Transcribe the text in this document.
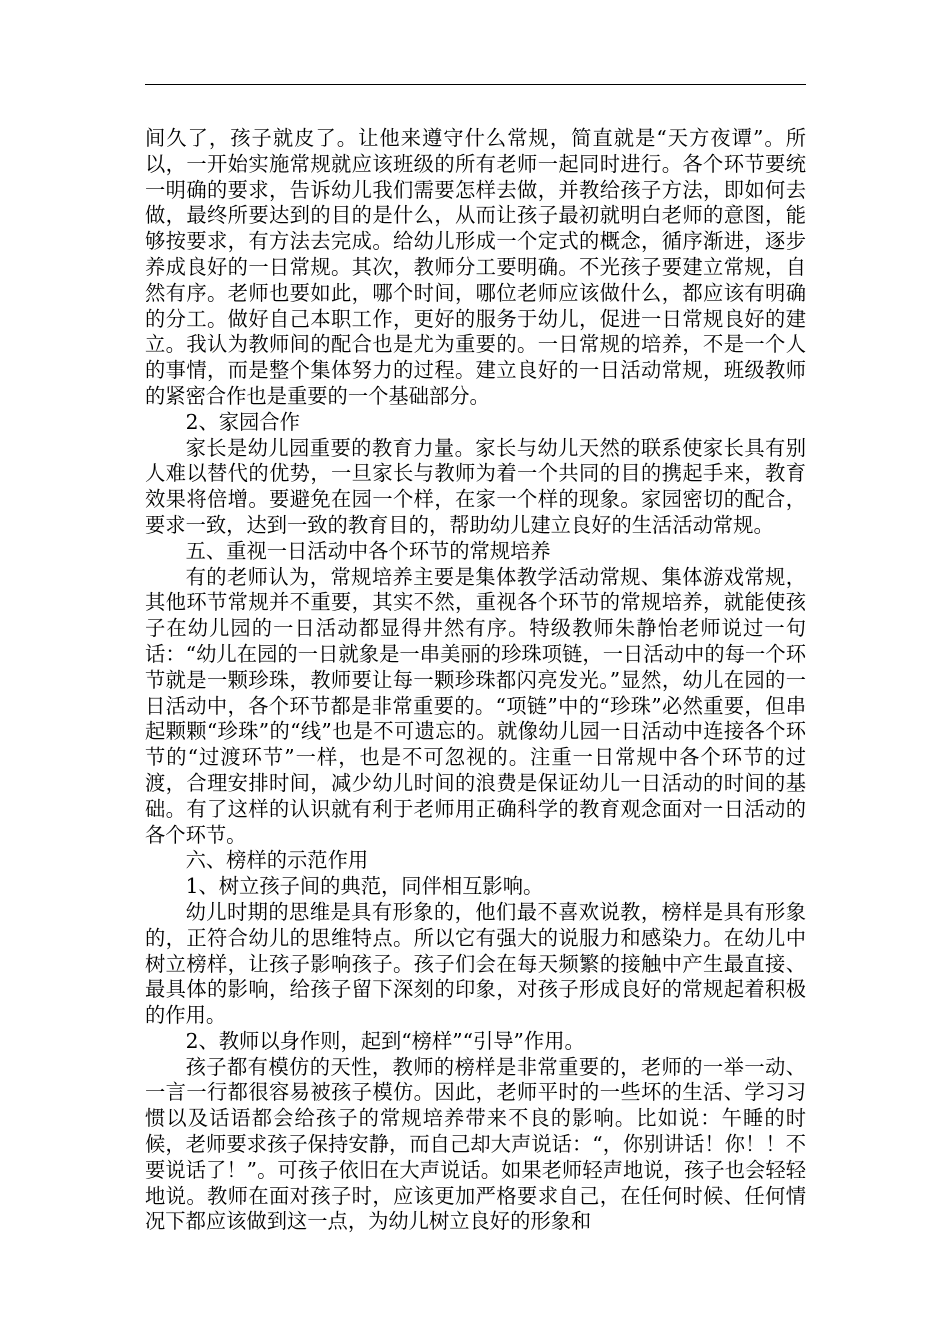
间久了，孩子就皮了。让他来遵守什么常规，简直就是“天方夜谭”。所以，一开始实施常规就应该班级的所有老师一起同时进行。各个环节要统一明确的要求，告诉幼儿我们需要怎样去做，并教给孩子方法，即如何去做，最终所要达到的目的是什么，从而让孩子最初就明白老师的意图，能够按要求，有方法去完成。给幼儿形成一个定式的概念，循序渐进，逐步养成良好的一日常规。其次，教师分工要明确。不光孩子要建立常规，自然有序。老师也要如此，哪个时间，哪位老师应该做什么，都应该有明确的分工。做好自己本职工作，更好的服务于幼儿，促进一日常规良好的建立。我认为教师间的配合也是尤为重要的。一日常规的培养，不是一个人的事情，而是整个集体努力的过程。建立良好的一日活动常规，班级教师的紧密合作也是重要的一个基础部分。

2、家园合作

家长是幼儿园重要的教育力量。家长与幼儿天然的联系使家长具有别人难以替代的优势，一旦家长与教师为着一个共同的目的携起手来，教育效果将倍增。要避免在园一个样，在家一个样的现象。家园密切的配合，要求一致，达到一致的教育目的，帮助幼儿建立良好的生活活动常规。

五、重视一日活动中各个环节的常规培养

有的老师认为，常规培养主要是集体教学活动常规、集体游戏常规，其他环节常规并不重要，其实不然，重视各个环节的常规培养，就能使孩子在幼儿园的一日活动都显得井然有序。特级教师朱静怡老师说过一句话：“幼儿在园的一日就象是一串美丽的珍珠项链，一日活动中的每一个环节就是一颗珍珠，教师要让每一颗珍珠都闪亮发光。”显然，幼儿在园的一日活动中，各个环节都是非常重要的。“项链”中的“珍珠”必然重要，但串起颗颗“珍珠”的“线”也是不可遗忘的。就像幼儿园一日活动中连接各个环节的“过渡环节”一样，也是不可忽视的。注重一日常规中各个环节的过渡，合理安排时间，减少幼儿时间的浪费是保证幼儿一日活动的时间的基础。有了这样的认识就有利于老师用正确科学的教育观念面对一日活动的各个环节。

六、榜样的示范作用

1、树立孩子间的典范，同伴相互影响。

幼儿时期的思维是具有形象的，他们最不喜欢说教，榜样是具有形象的，正符合幼儿的思维特点。所以它有强大的说服力和感染力。在幼儿中树立榜样，让孩子影响孩子。孩子们会在每天频繁的接触中产生最直接、最具体的影响，给孩子留下深刻的印象，对孩子形成良好的常规起着积极的作用。

2、教师以身作则，起到“榜样”“引导”作用。

孩子都有模仿的天性，教师的榜样是非常重要的，老师的一举一动、一言一行都很容易被孩子模仿。因此，老师平时的一些坏的生活、学习习惯以及话语都会给孩子的常规培养带来不良的影响。比如说：午睡的时候，老师要求孩子保持安静，而自己却大声说话：“，你别讲话！你！！不要说话了！”。可孩子依旧在大声说话。如果老师轻声地说，孩子也会轻轻地说。教师在面对孩子时，应该更加严格要求自己，在任何时候、任何情况下都应该做到这一点，为幼儿树立良好的形象和
